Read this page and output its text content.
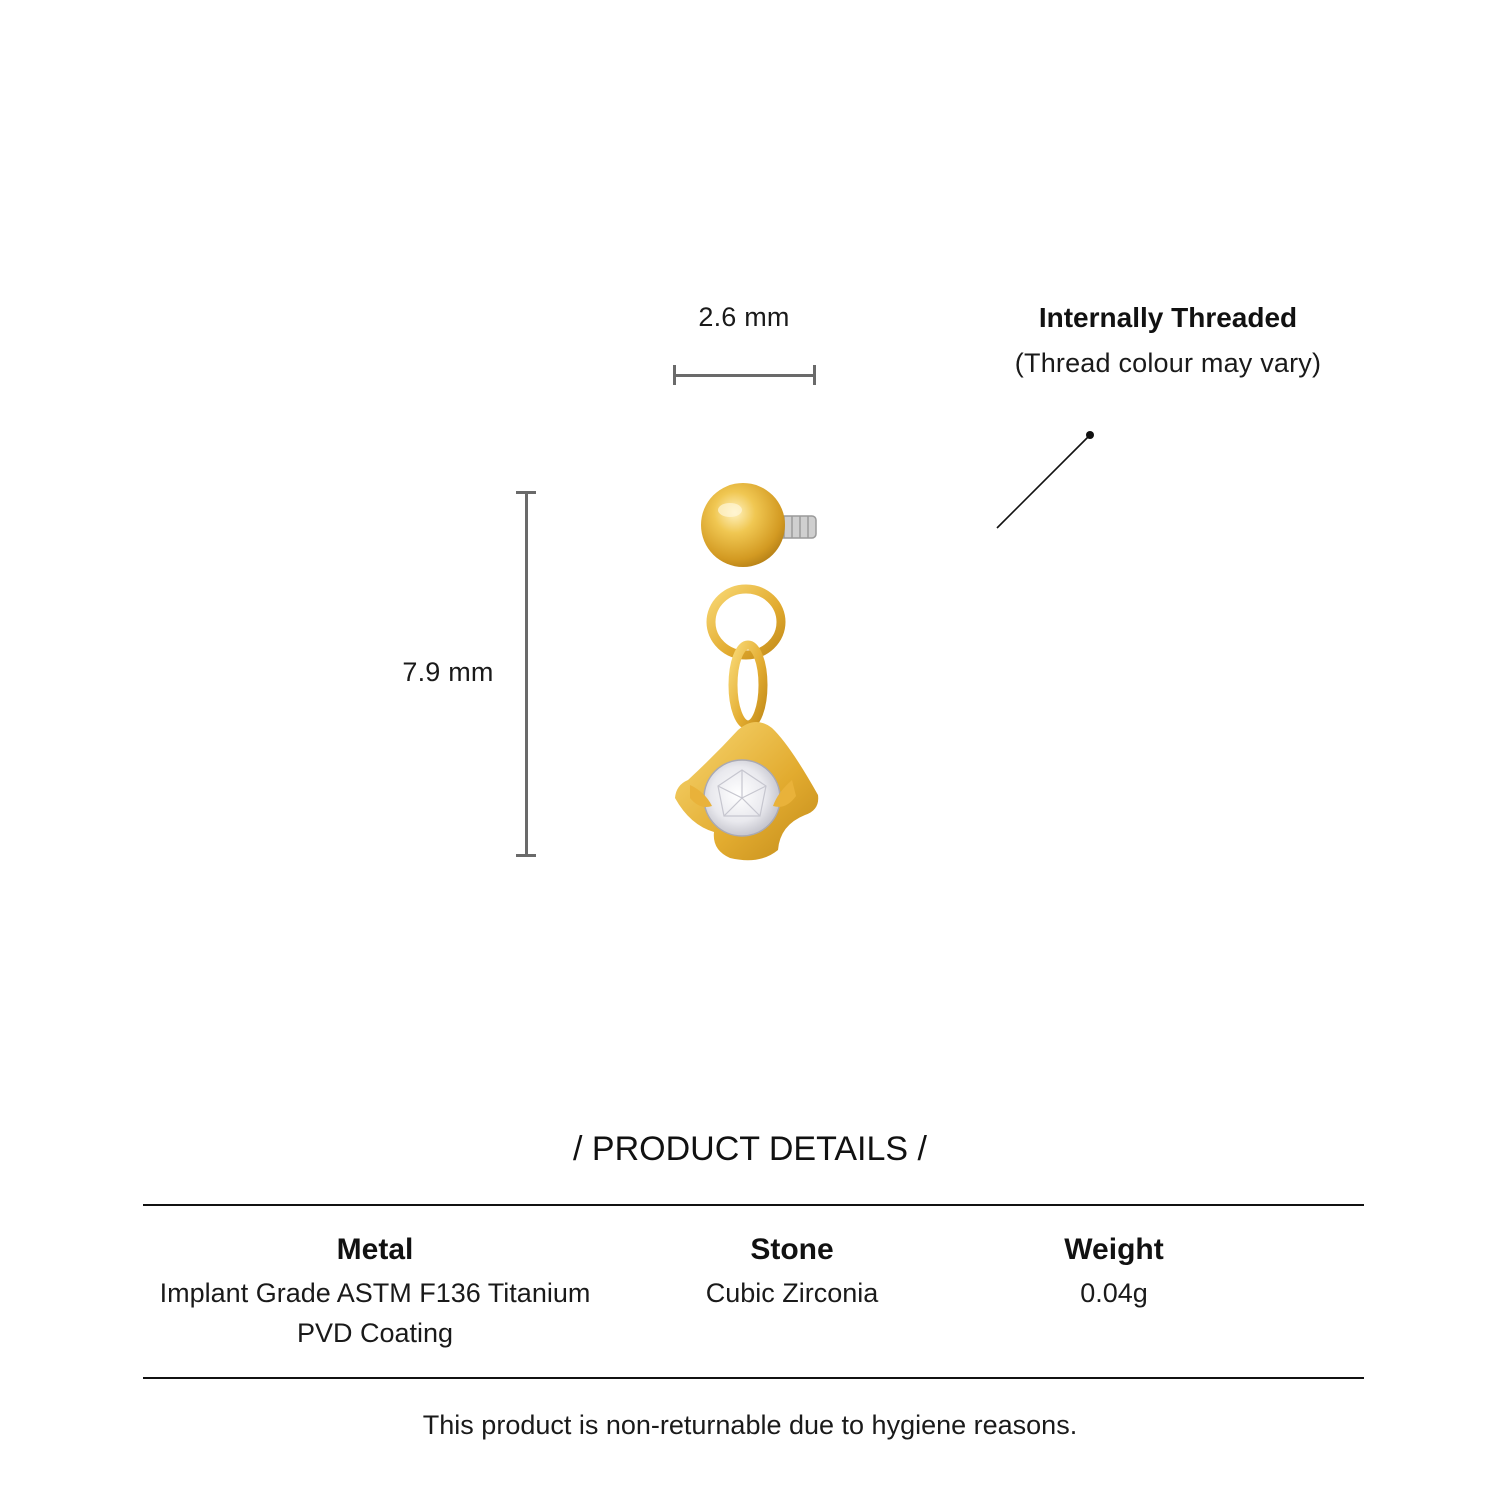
2.6 mm
7.9 mm
Internally Threaded
(Thread colour may vary)
/ PRODUCT DETAILS /
Metal
Implant Grade ASTM F136 Titanium
PVD Coating
Stone
Cubic Zirconia
Weight
0.04g
This product is non-returnable due to hygiene reasons.
